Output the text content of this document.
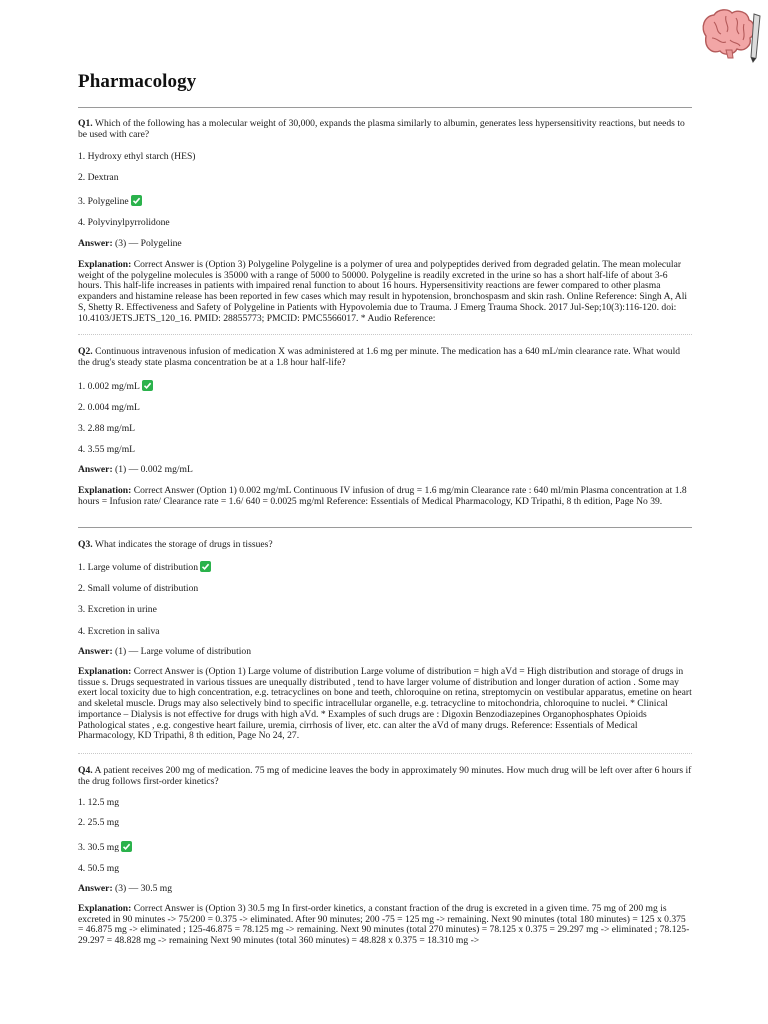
Pharmacology

Q1. Which of the following has a molecular weight of 30,000, expands the plasma similarly to albumin, generates less hypersensitivity reactions, but needs to be used with care?

1. Hydroxy ethyl starch (HES)

2. Dextran

3. Polygeline

4. Polyvinylpyrrolidone

Answer: (3) — Polygeline

Explanation: Correct Answer is (Option 3) Polygeline Polygeline is a polymer of urea and polypeptides derived from degraded gelatin. The mean molecular weight of the polygeline molecules is 35000 with a range of 5000 to 50000. Polygeline is readily excreted in the urine so has a short half-life of about 3-6 hours. This half-life increases in patients with impaired renal function to about 16 hours. Hypersensitivity reactions are fewer compared to other plasma expanders and histamine release has been reported in few cases which may result in hypotension, bronchospasm and skin rash. Online Reference: Singh A, Ali S, Shetty R. Effectiveness and Safety of Polygeline in Patients with Hypovolemia due to Trauma. J Emerg Trauma Shock. 2017 Jul-Sep;10(3):116-120. doi: 10.4103/JETS.JETS_120_16. PMID: 28855773; PMCID: PMC5566017. * Audio Reference:

Q2. Continuous intravenous infusion of medication X was administered at 1.6 mg per minute. The medication has a 640 mL/min clearance rate. What would the drug's steady state plasma concentration be at a 1.8 hour half-life?

1. 0.002 mg/mL

2. 0.004 mg/mL

3. 2.88 mg/mL

4. 3.55 mg/mL

Answer: (1) — 0.002 mg/mL

Explanation: Correct Answer (Option 1) 0.002 mg/mL Continuous IV infusion of drug = 1.6 mg/min Clearance rate : 640 ml/min Plasma concentration at 1.8 hours = Infusion rate/ Clearance rate = 1.6/ 640 = 0.0025 mg/ml Reference: Essentials of Medical Pharmacology, KD Tripathi, 8 th edition, Page No 39.

Q3. What indicates the storage of drugs in tissues?

1. Large volume of distribution

2. Small volume of distribution

3. Excretion in urine

4. Excretion in saliva

Answer: (1) — Large volume of distribution

Explanation: Correct Answer is (Option 1) Large volume of distribution Large volume of distribution = high aVd = High distribution and storage of drugs in tissue s. Drugs sequestrated in various tissues are unequally distributed , tend to have larger volume of distribution and longer duration of action . Some may exert local toxicity due to high concentration, e.g. tetracyclines on bone and teeth, chloroquine on retina, streptomycin on vestibular apparatus, emetine on heart and skeletal muscle. Drugs may also selectively bind to specific intracellular organelle, e.g. tetracycline to mitochondria, chloroquine to nuclei. * Clinical importance – Dialysis is not effective for drugs with high aVd. * Examples of such drugs are : Digoxin Benzodiazepines Organophosphates Opioids Pathological states , e.g. congestive heart failure, uremia, cirrhosis of liver, etc. can alter the aVd of many drugs. Reference: Essentials of Medical Pharmacology, KD Tripathi, 8 th edition, Page No 24, 27.

Q4. A patient receives 200 mg of medication. 75 mg of medicine leaves the body in approximately 90 minutes. How much drug will be left over after 6 hours if the drug follows first-order kinetics?

1. 12.5 mg

2. 25.5 mg

3. 30.5 mg

4. 50.5 mg

Answer: (3) — 30.5 mg

Explanation: Correct Answer is (Option 3) 30.5 mg In first-order kinetics, a constant fraction of the drug is excreted in a given time. 75 mg of 200 mg is excreted in 90 minutes -> 75/200 = 0.375 -> eliminated. After 90 minutes; 200 -75 = 125 mg -> remaining. Next 90 minutes (total 180 minutes) = 125 x 0.375 = 46.875 mg -> eliminated ; 125-46.875 = 78.125 mg -> remaining. Next 90 minutes (total 270 minutes) = 78.125 x 0.375 = 29.297 mg -> eliminated ; 78.125-29.297 = 48.828 mg -> remaining Next 90 minutes (total 360 minutes) = 48.828 x 0.375 = 18.310 mg ->
